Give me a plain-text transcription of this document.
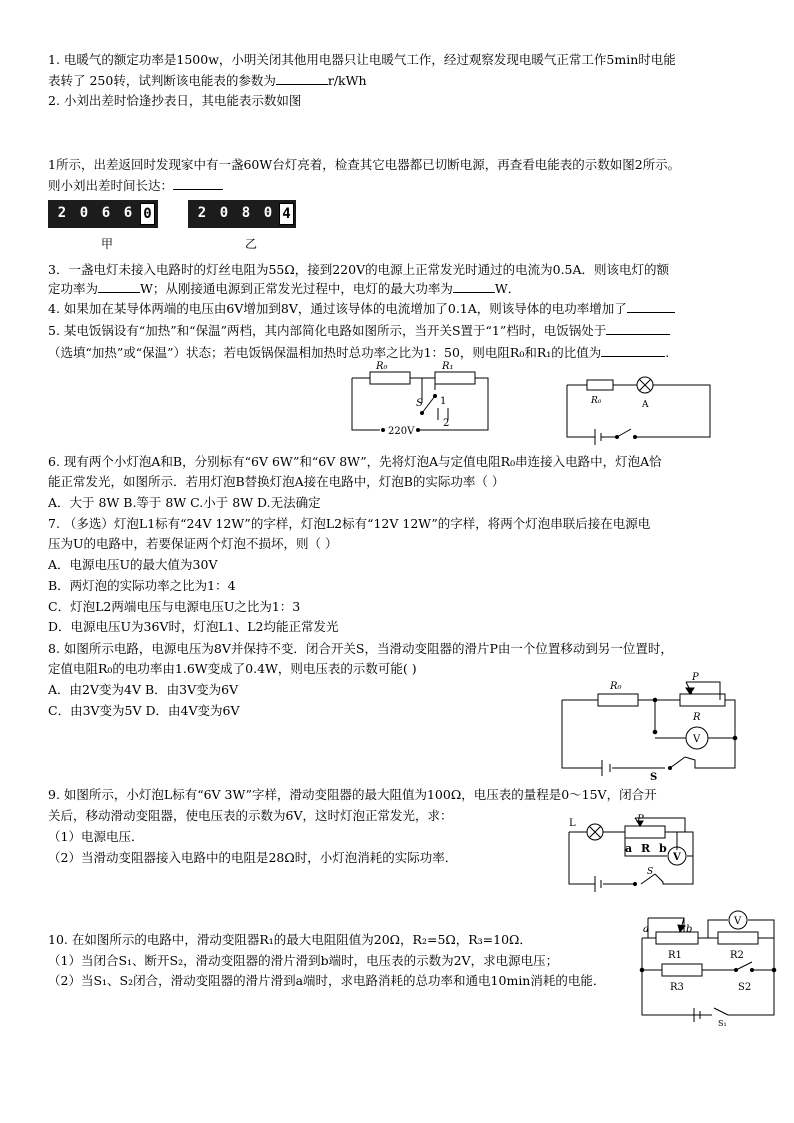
1. 电暖气的额定功率是1500w，小明关闭其他用电器只让电暖气工作，经过观察发现电暖气正常工作5min时电能
表转了 250转，试判断该电能表的参数为	r/kWh
2. 小刘出差时恰逢抄表日，其电能表示数如图
1所示，出差返回时发现家中有一盏60W台灯亮着，检查其它电器都已切断电源，再查看电能表的示数如图2所示。
则小刘出差时间长达：
2 0 6 6 0
甲
2 0 8 0 4
乙
3．一盏电灯未接入电路时的灯丝电阻为55Ω，接到220V的电源上正常发光时通过的电流为0.5A．则该电灯的额
定功率为	W；从刚接通电源到正常发光过程中，电灯的最大功率为	W．
4. 如果加在某导体两端的电压由6V增加到8V，通过该导体的电流增加了0.1A，则该导体的电功率增加了
5. 某电饭锅设有“加热”和“保温”两档，其内部简化电路如图所示，当开关S置于“1”档时，电饭锅处于
（选填“加热”或“保温”）状态；若电饭锅保温相加热时总功率之比为1：50，则电阻R₀和R₁的比值为	.
R₀	R₁
S 1
2
220V
R₀	A
6. 现有两个小灯泡A和B，分别标有“6V 6W”和“6V 8W”，先将灯泡A与定值电阻R₀串连接入电路中，灯泡A恰
能正常发光，如图所示．若用灯泡B替换灯泡A接在电路中，灯泡B的实际功率（ ）
A．大于 8W B.等于 8W C.小于 8W D.无法确定
7. （多选）灯泡L1标有“24V 12W”的字样，灯泡L2标有“12V 12W”的字样，将两个灯泡串联后接在电源电
压为U的电路中，若要保证两个灯泡不损坏，则（ ）
A．电源电压U的最大值为30V
B．两灯泡的实际功率之比为1：4
C．灯泡L2两端电压与电源电压U之比为1：3
D．电源电压U为36V时，灯泡L1、L2均能正常发光
8. 如图所示电路，电源电压为8V并保持不变．闭合开关S，当滑动变阻器的滑片P由一个位置移动到另一位置时，
定值电阻R₀的电功率由1.6W变成了0.4W，则电压表的示数可能( )
A．由2V变为4V B．由3V变为6V
C．由3V变为5V D．由4V变为6V
R₀
P
R
V
S
9. 如图所示，小灯泡L标有“6V 3W”字样，滑动变阻器的最大阻值为100Ω，电压表的量程是0～15V，闭合开
关后，移动滑动变阻器，使电压表的示数为6V，这时灯泡正常发光，求：
（1）电源电压．
（2）当滑动变阻器接入电路中的电阻是28Ω时，小灯泡消耗的实际功率．
L	P
a R b
V
S
10. 在如图所示的电路中，滑动变阻器R₁的最大电阻阻值为20Ω，R₂=5Ω，R₃=10Ω．
（1）当闭合S₁、断开S₂，滑动变阻器的滑片滑到b端时，电压表的示数为2V，求电源电压；
（2）当S₁、S₂闭合，滑动变阻器的滑片滑到a端时，求电路消耗的总功率和通电10min消耗的电能．
a	b
V
R1	R2
R3	S2
S₁
